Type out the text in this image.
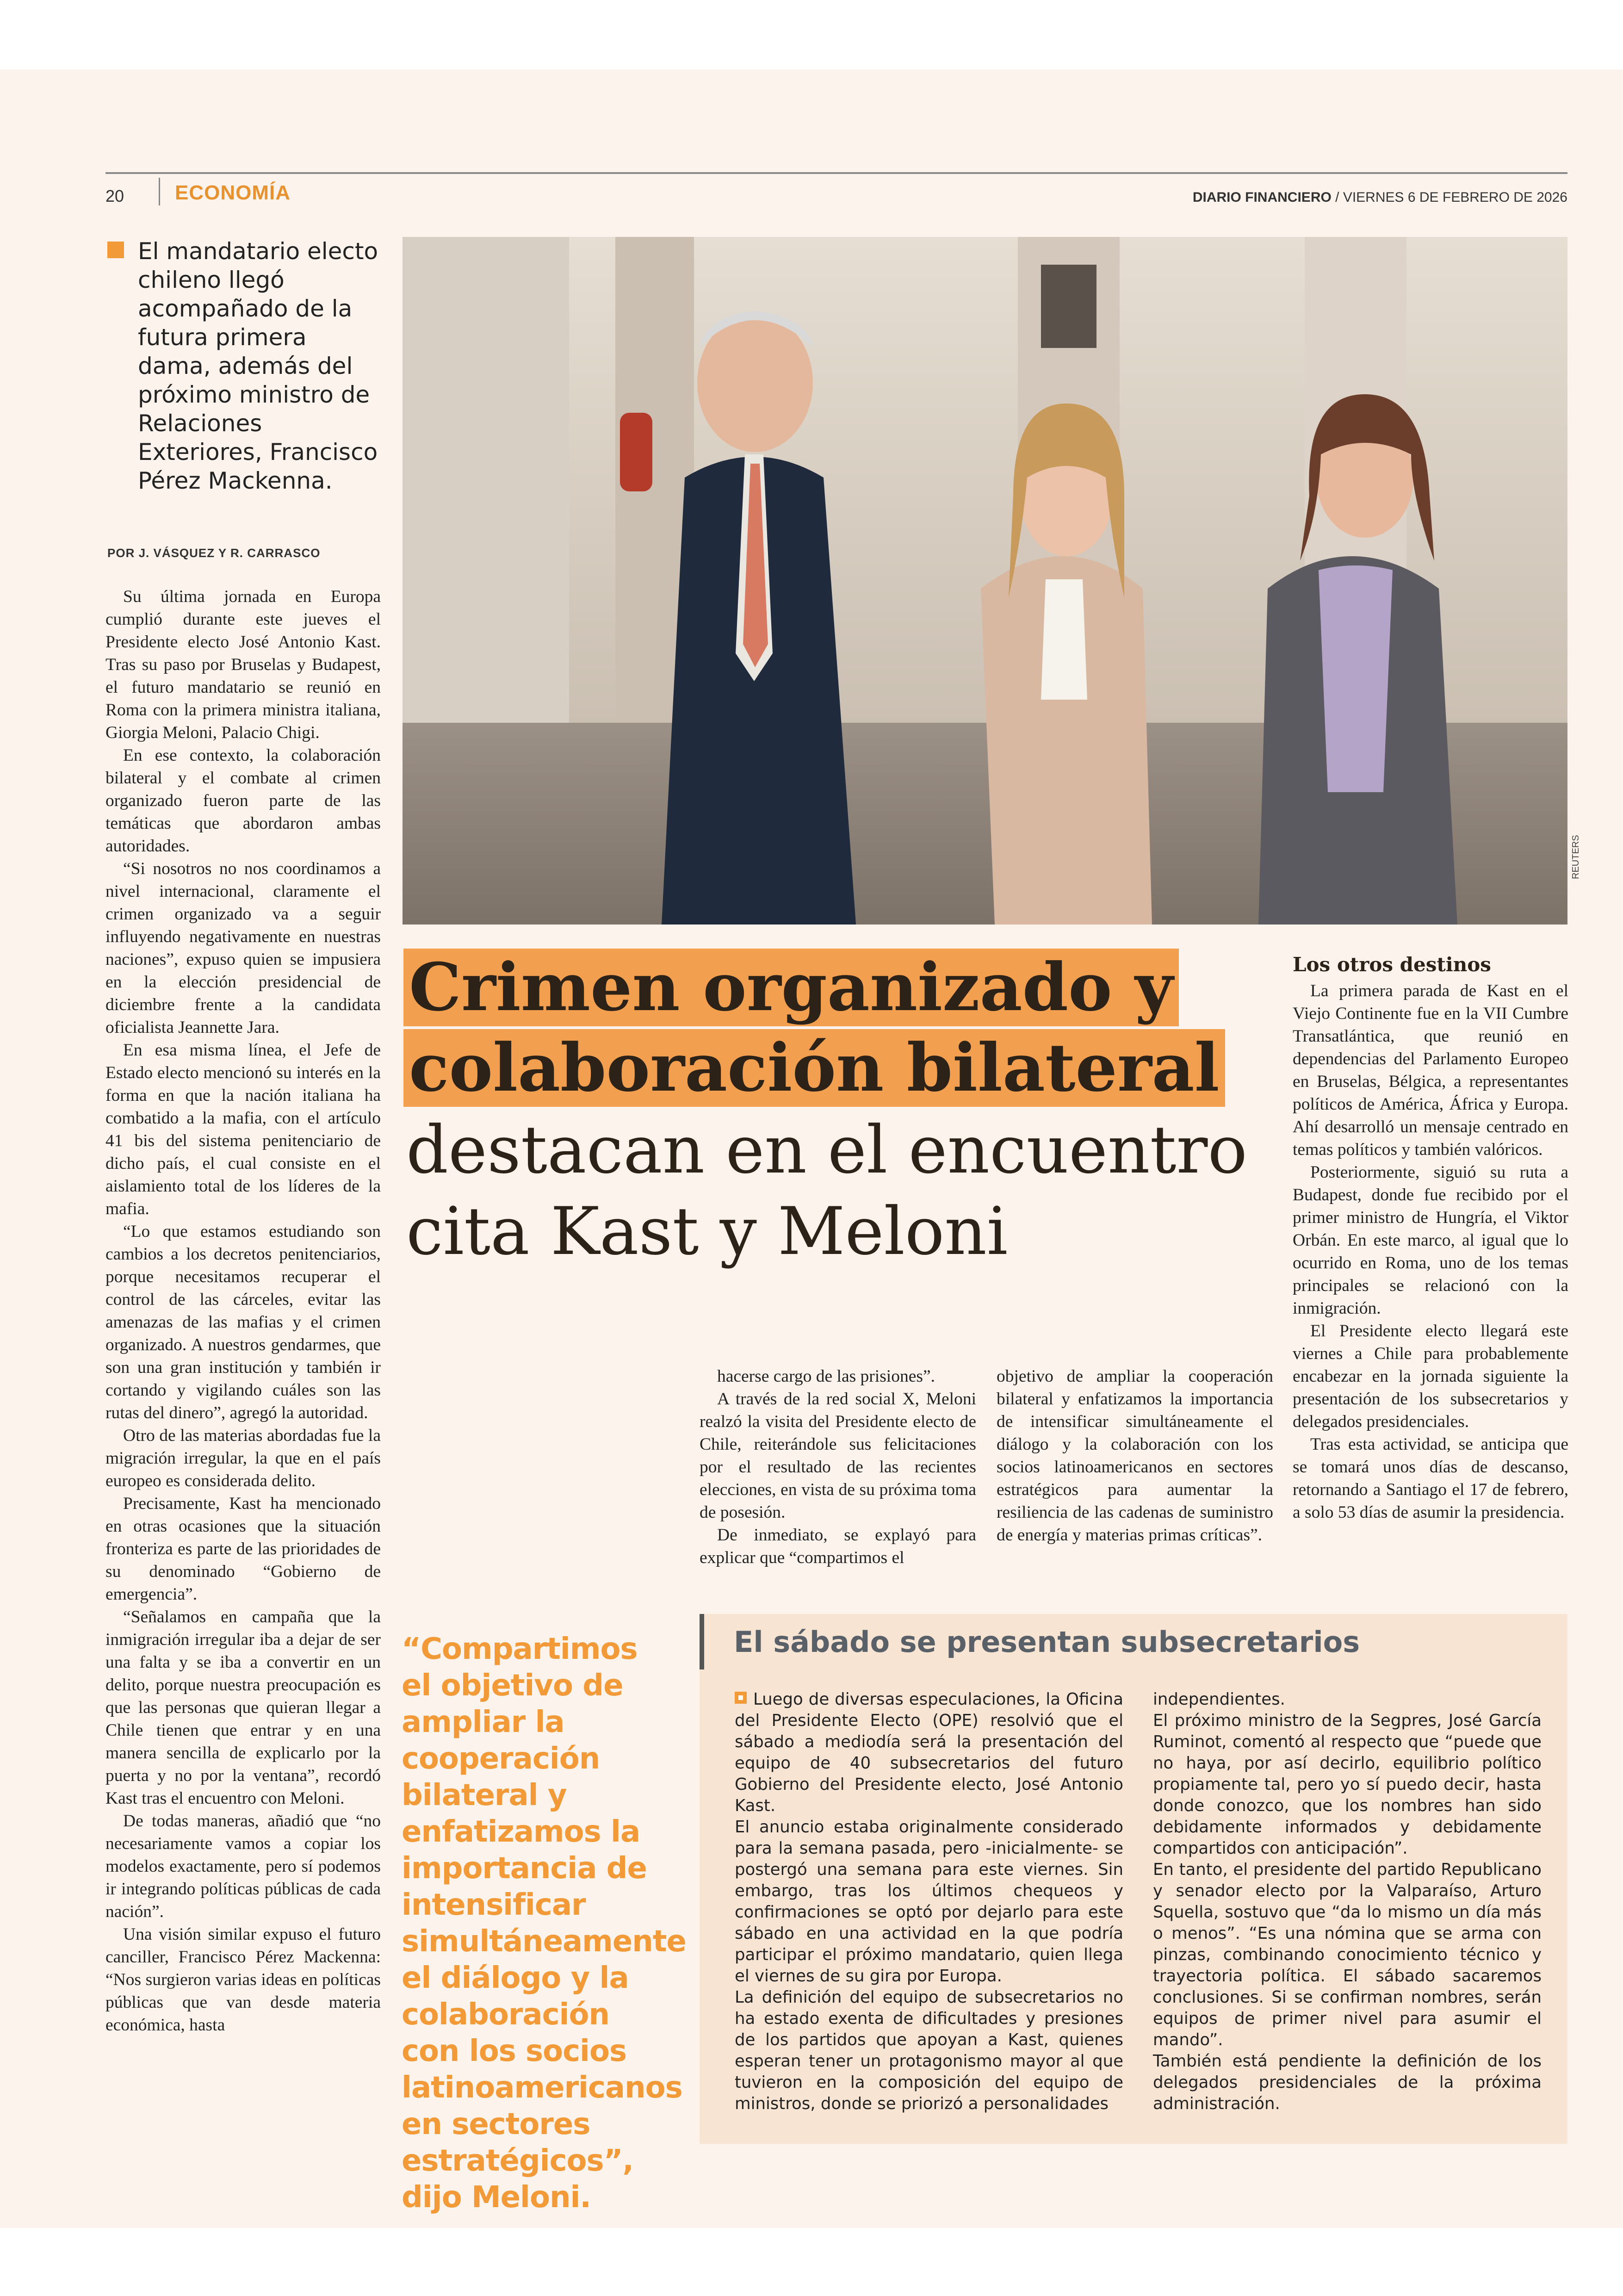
20 ECONOMÍA	DIARIO FINANCIERO / VIERNES 6 DE FEBRERO DE 2026
El mandatario electo chileno llegó acompañado de la futura primera dama, además del próximo ministro de Relaciones Exteriores, Francisco Pérez Mackenna.
POR J. VÁSQUEZ Y R. CARRASCO

Su última jornada en Europa cumplió durante este jueves el Presidente electo José Antonio Kast. Tras su paso por Bruselas y Budapest, el futuro mandatario se reunió en Roma con la primera ministra italiana, Giorgia Meloni, Palacio Chigi.

En ese contexto, la colaboración bilateral y el combate al crimen organizado fueron parte de las temáticas que abordaron ambas autoridades.

“Si nosotros no nos coordinamos a nivel internacional, claramente el crimen organizado va a seguir influyendo negativamente en nuestras naciones”, expuso quien se impusiera en la elección presidencial de diciembre frente a la candidata oficialista Jeannette Jara.

En esa misma línea, el Jefe de Estado electo mencionó su interés en la forma en que la nación italiana ha combatido a la mafia, con el artículo 41 bis del sistema penitenciario de dicho país, el cual consiste en el aislamiento total de los líderes de la mafia.

“Lo que estamos estudiando son cambios a los decretos penitenciarios, porque necesitamos recuperar el control de las cárceles, evitar las amenazas de las mafias y el crimen organizado. A nuestros gendarmes, que son una gran institución y también ir cortando y vigilando cuáles son las rutas del dinero”, agregó la autoridad.

Otro de las materias abordadas fue la migración irregular, la que en el país europeo es considerada delito.

Precisamente, Kast ha mencionado en otras ocasiones que la situación fronteriza es parte de las prioridades de su denominado “Gobierno de emergencia”.

“Señalamos en campaña que la inmigración irregular iba a dejar de ser una falta y se iba a convertir en un delito, porque nuestra preocupación es que las personas que quieran llegar a Chile tienen que entrar y en una manera sencilla de explicarlo por la puerta y no por la ventana”, recordó Kast tras el encuentro con Meloni.

De todas maneras, añadió que “no necesariamente vamos a copiar los modelos exactamente, pero sí podemos ir integrando políticas públicas de cada nación”.

Una visión similar expuso el futuro canciller, Francisco Pérez Mackenna: “Nos surgieron varias ideas en políticas públicas que van desde materia económica, hasta

REUTERS
Crimen organizado y
colaboración bilateral
destacan en el encuentro
cita Kast y Meloni

hacerse cargo de las prisiones”.

A través de la red social X, Meloni realzó la visita del Presidente electo de Chile, reiterándole sus felicitaciones por el resultado de las recientes elecciones, en vista de su próxima toma de posesión.

De inmediato, se explayó para explicar que “compartimos el

objetivo de ampliar la cooperación bilateral y enfatizamos la importancia de intensificar simultáneamente el diálogo y la colaboración con los socios latinoamericanos en sectores estratégicos para aumentar la resiliencia de las cadenas de suministro de energía y materias primas críticas”.

Los otros destinos

La primera parada de Kast en el Viejo Continente fue en la VII Cumbre Transatlántica, que reunió en dependencias del Parlamento Europeo en Bruselas, Bélgica, a representantes políticos de América, África y Europa. Ahí desarrolló un mensaje centrado en temas políticos y también valóricos.

Posteriormente, siguió su ruta a Budapest, donde fue recibido por el primer ministro de Hungría, el Viktor Orbán. En este marco, al igual que lo ocurrido en Roma, uno de los temas principales se relacionó con la inmigración.

El Presidente electo llegará este viernes a Chile para probablemente encabezar en la jornada siguiente la presentación de los subsecretarios y delegados presidenciales.

Tras esta actividad, se anticipa que se tomará unos días de descanso, retornando a Santiago el 17 de febrero, a solo 53 días de asumir la presidencia.

“Compartimos el objetivo de ampliar la cooperación bilateral y enfatizamos la importancia de intensificar simultáneamente el diálogo y la colaboración con los socios latinoamericanos en sectores estratégicos”, dijo Meloni.
El sábado se presentan subsecretarios

Luego de diversas especulaciones, la Oficina del Presidente Electo (OPE) resolvió que el sábado a mediodía será la presentación del equipo de 40 subsecretarios del futuro Gobierno del Presidente electo, José Antonio Kast.

El anuncio estaba originalmente considerado para la semana pasada, pero -inicialmente- se postergó una semana para este viernes. Sin embargo, tras los últimos chequeos y confirmaciones se optó por dejarlo para este sábado en una actividad en la que podría participar el próximo mandatario, quien llega el viernes de su gira por Europa.

La definición del equipo de subsecretarios no ha estado exenta de dificultades y presiones de los partidos que apoyan a Kast, quienes esperan tener un protagonismo mayor al que tuvieron en la composición del equipo de ministros, donde se priorizó a personalidades

independientes.

El próximo ministro de la Segpres, José García Ruminot, comentó al respecto que “puede que no haya, por así decirlo, equilibrio político propiamente tal, pero yo sí puedo decir, hasta donde conozco, que los nombres han sido debidamente informados y debidamente compartidos con anticipación”.

En tanto, el presidente del partido Republicano y senador electo por la Valparaíso, Arturo Squella, sostuvo que “da lo mismo un día más o menos”. “Es una nómina que se arma con pinzas, combinando conocimiento técnico y trayectoria política. El sábado sacaremos conclusiones. Si se confirman nombres, serán equipos de primer nivel para asumir el mando”.

También está pendiente la definición de los delegados presidenciales de la próxima administración.
